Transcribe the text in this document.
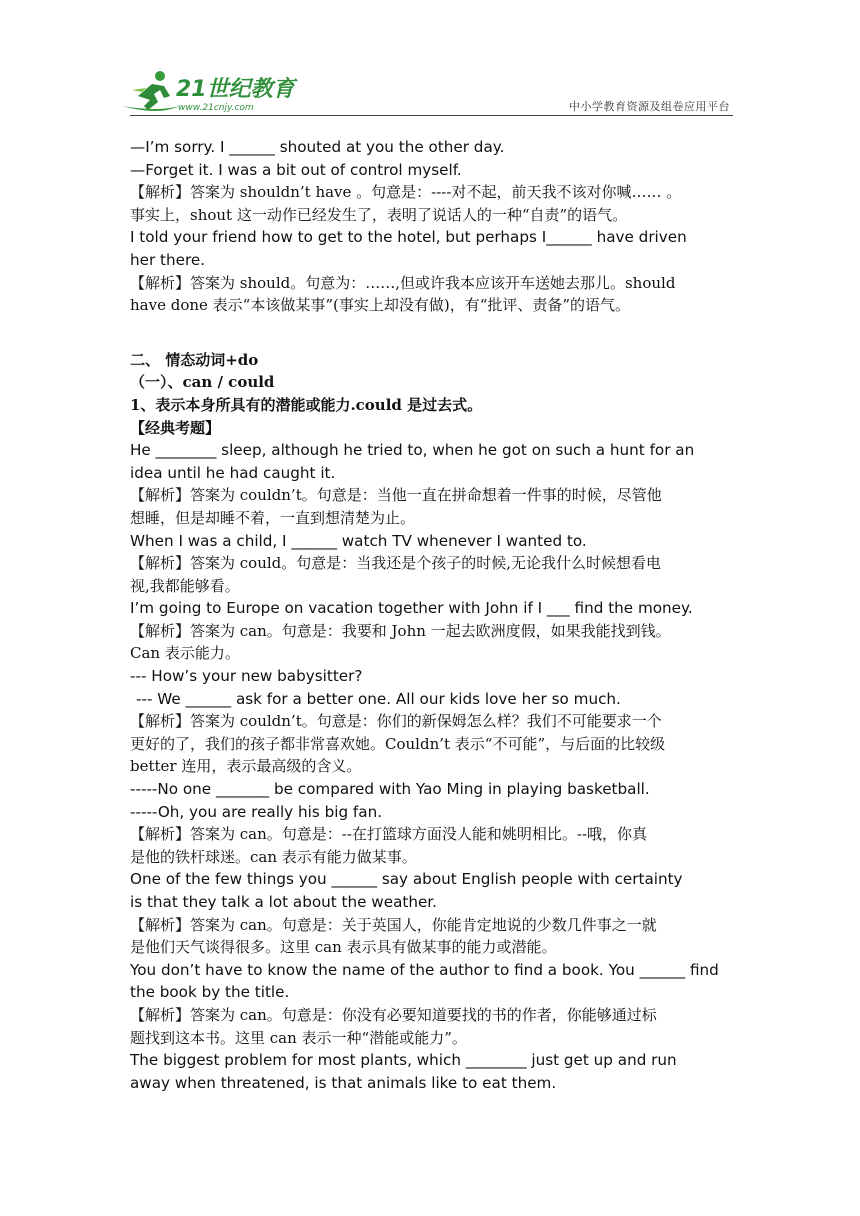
21世纪教育
www.21cnjy.com	中小学教育资源及组卷应用平台
—I’m sorry. I ______ shouted at you the other day.
—Forget it. I was a bit out of control myself.
【解析】答案为 shouldn’t have 。句意是：----对不起，前天我不该对你喊…… 。
事实上，shout 这一动作已经发生了，表明了说话人的一种“自责”的语气。
I told your friend how to get to the hotel, but perhaps I______ have driven
her there.
【解析】答案为 should。句意为：……,但或许我本应该开车送她去那儿。should
have done 表示“本该做某事”(事实上却没有做)，有“批评、责备”的语气。
二、 情态动词+do
（一）、can / could
1、表示本身所具有的潜能或能力.could 是过去式。
【经典考题】
He ________ sleep, although he tried to, when he got on such a hunt for an
idea until he had caught it.
【解析】答案为 couldn’t。句意是：当他一直在拼命想着一件事的时候，尽管他
想睡，但是却睡不着，一直到想清楚为止。
When I was a child, I ______ watch TV whenever I wanted to.
【解析】答案为 could。句意是：当我还是个孩子的时候,无论我什么时候想看电
视,我都能够看。
I’m going to Europe on vacation together with John if I ___ find the money.
【解析】答案为 can。句意是：我要和 John 一起去欧洲度假，如果我能找到钱。
Can 表示能力。
--- How’s your new babysitter?
--- We ______ ask for a better one. All our kids love her so much.
【解析】答案为 couldn’t。句意是：你们的新保姆怎么样？我们不可能要求一个
更好的了，我们的孩子都非常喜欢她。Couldn’t 表示“不可能”，与后面的比较级
better 连用，表示最高级的含义。
-----No one _______ be compared with Yao Ming in playing basketball.
-----Oh, you are really his big fan.
【解析】答案为 can。句意是：--在打篮球方面没人能和姚明相比。--哦，你真
是他的铁杆球迷。can 表示有能力做某事。
One of the few things you ______ say about English people with certainty
is that they talk a lot about the weather.
【解析】答案为 can。句意是：关于英国人，你能肯定地说的少数几件事之一就
是他们天气谈得很多。这里 can 表示具有做某事的能力或潜能。
You don’t have to know the name of the author to find a book. You ______ find
the book by the title.
【解析】答案为 can。句意是：你没有必要知道要找的书的作者，你能够通过标
题找到这本书。这里 can 表示一种“潜能或能力”。
The biggest problem for most plants, which ________ just get up and run
away when threatened, is that animals like to eat them.
